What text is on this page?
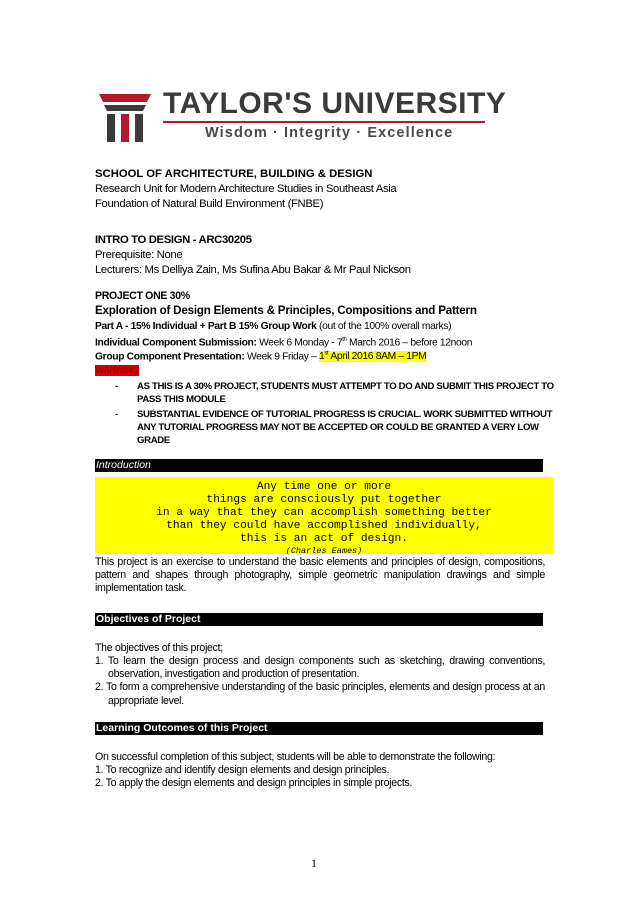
TAYLOR'S UNIVERSITY
Wisdom · Integrity · Excellence
SCHOOL OF ARCHITECTURE, BUILDING & DESIGN
Research Unit for Modern Architecture Studies in Southeast Asia
Foundation of Natural Build Environment (FNBE)
INTRO TO DESIGN - ARC30205
Prerequisite: None
Lecturers: Ms Delliya Zain, Ms Sufina Abu Bakar & Mr Paul Nickson
PROJECT ONE 30%
Exploration of Design Elements & Principles, Compositions and Pattern
Part A - 15% Individual + Part B 15% Group Work (out of the 100% overall marks)
Individual Component Submission: Week 6 Monday - 7th March 2016 – before 12noon
Group Component Presentation: Week 9 Friday – 1st April 2016 8AM – 1PM
WARNING
- AS THIS IS A 30% PROJECT, STUDENTS MUST ATTEMPT TO DO AND SUBMIT THIS PROJECT TO PASS THIS MODULE
- SUBSTANTIAL EVIDENCE OF TUTORIAL PROGRESS IS CRUCIAL. WORK SUBMITTED WITHOUT ANY TUTORIAL PROGRESS MAY NOT BE ACCEPTED OR COULD BE GRANTED A VERY LOW GRADE
Introduction
Any time one or more
things are consciously put together
in a way that they can accomplish something better
than they could have accomplished individually,
this is an act of design.
(Charles Eames)
This project is an exercise to understand the basic elements and principles of design, compositions, pattern and shapes through photography, simple geometric manipulation drawings and simple implementation task.
Objectives of Project
The objectives of this project;
1. To learn the design process and design components such as sketching, drawing conventions, observation, investigation and production of presentation.
2. To form a comprehensive understanding of the basic principles, elements and design process at an appropriate level.
Learning Outcomes of this Project
On successful completion of this subject, students will be able to demonstrate the following:
1. To recognize and identify design elements and design principles.
2. To apply the design elements and design principles in simple projects.
1
